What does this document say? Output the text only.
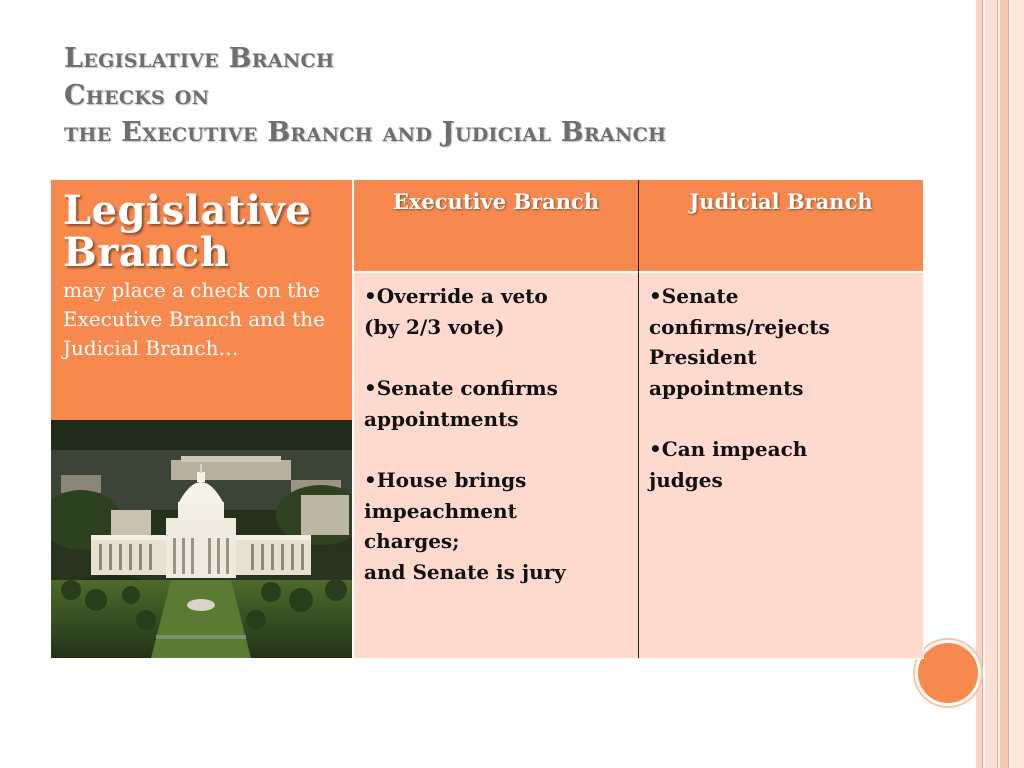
Legislative Branch
Checks on
the Executive Branch and Judicial Branch
Legislative
Branch
may place a check on the Executive Branch and the Judicial Branch…
Executive Branch	Judicial Branch

•Override a veto

(by 2/3 vote)

•Senate confirms

appointments

•House brings

impeachment

charges;

and Senate is jury

•Senate

confirms/rejects

President

appointments

•Can impeach

judges
